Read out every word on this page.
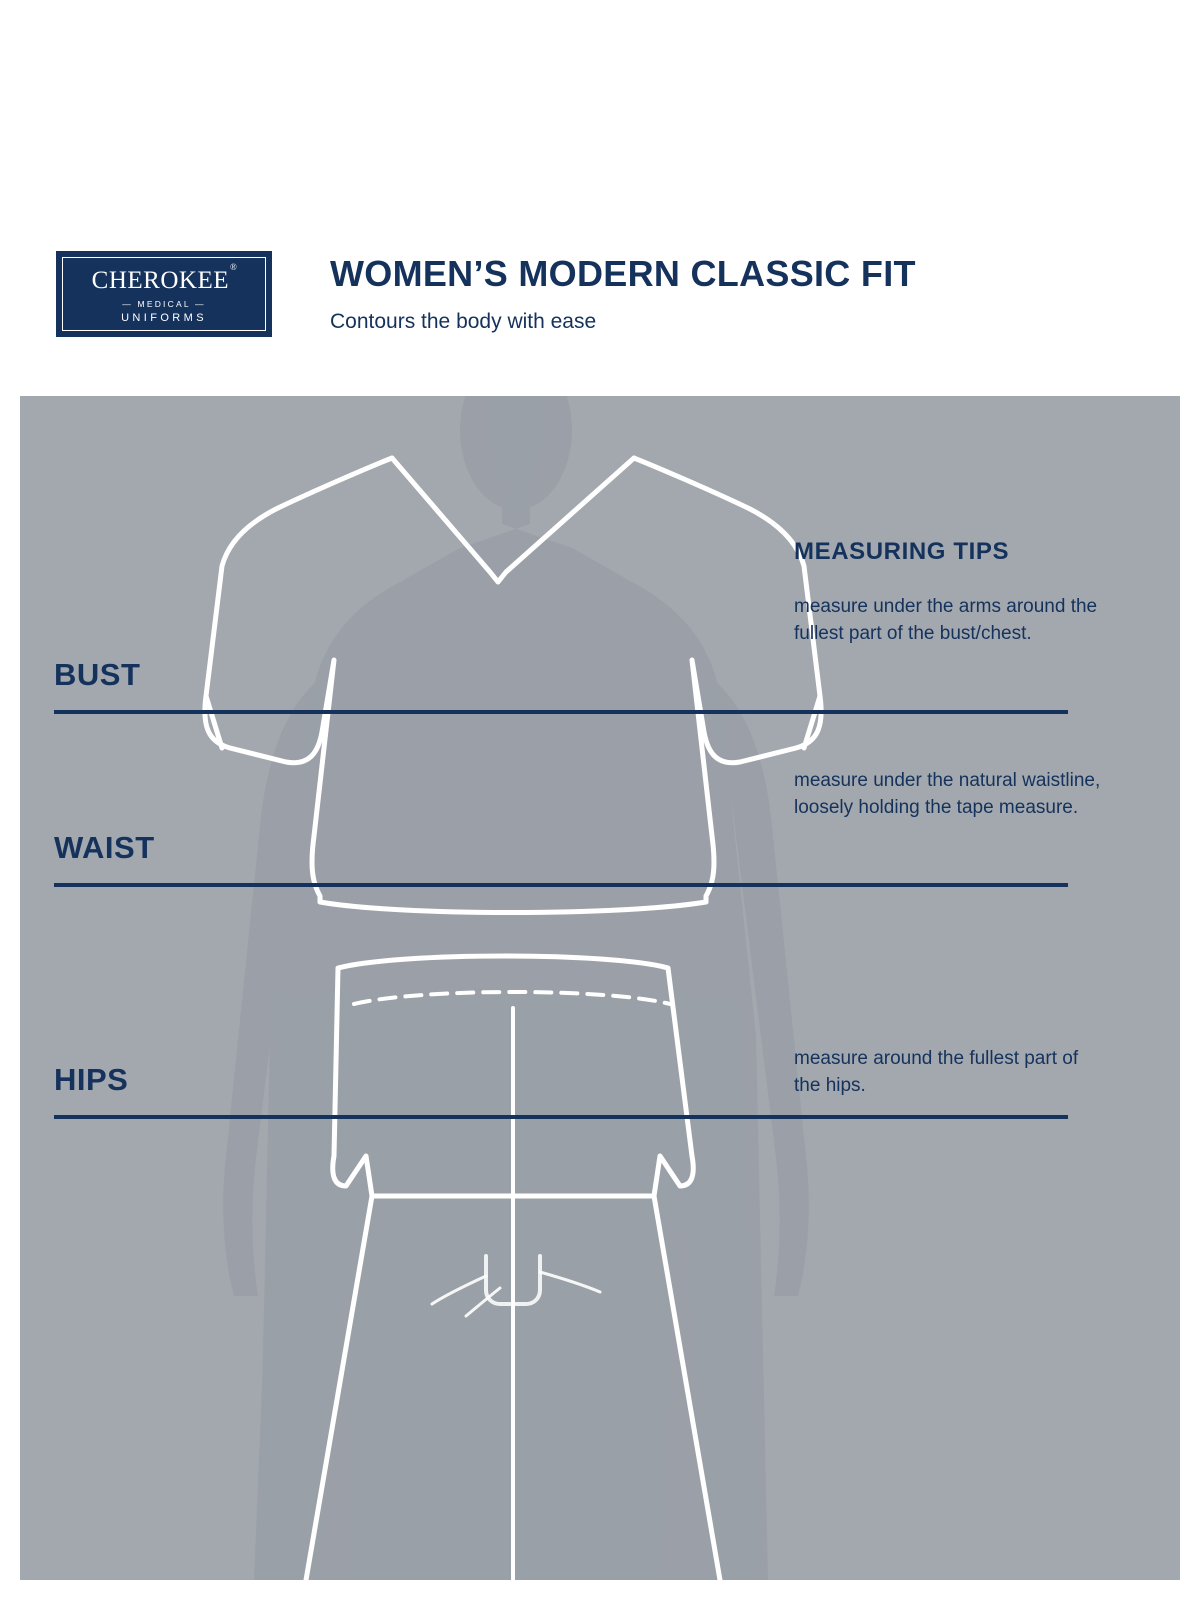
CHEROKEE®
— MEDICAL —
UNIFORMS
WOMEN’S MODERN CLASSIC FIT
Contours the body with ease
BUST
WAIST
HIPS
MEASURING TIPS
measure under the arms around the fullest part of the bust/chest.
measure under the natural waistline, loosely holding the tape measure.
measure around the fullest part of the hips.
